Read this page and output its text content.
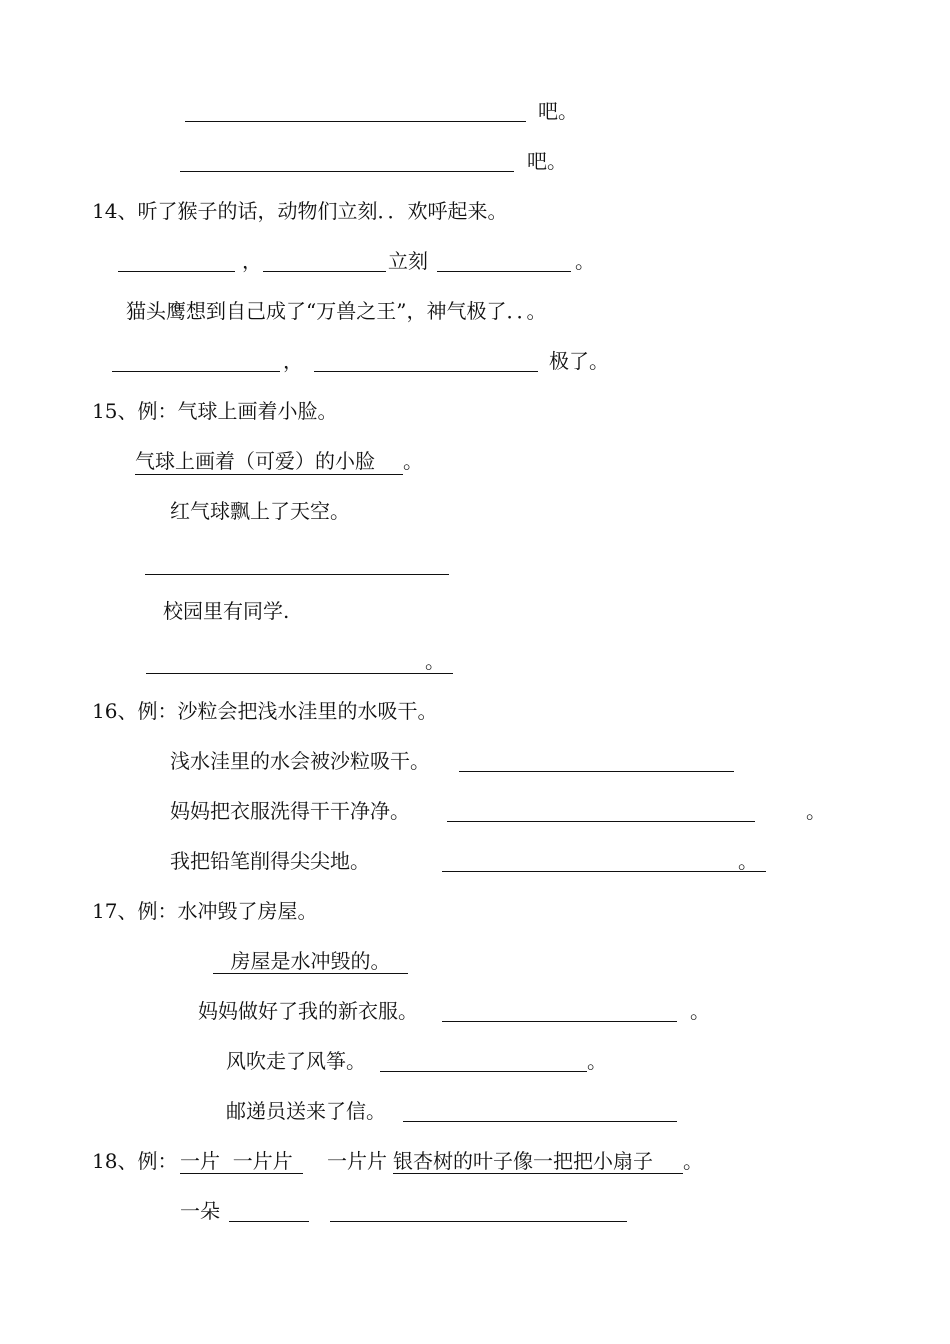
吧。
吧。
14、听了猴子的话，动物们立刻．．欢呼起来。
，	立刻	。
猫头鹰想到自己成了“万兽之王”，神气极了．．。
，	极了。
15、例：气球上画着小脸。
气球上画着（可爱）的小脸	。
红气球飘上了天空。
校园里有同学.
。
16、例：沙粒会把浅水洼里的水吸干。
浅水洼里的水会被沙粒吸干。
妈妈把衣服洗得干干净净。	。
我把铅笔削得尖尖地。	。
17、例：水冲毁了房屋。
房屋是水冲毁的。
妈妈做好了我的新衣服。	。
风吹走了风筝。	。
邮递员送来了信。
18、例： 一片  一片片	一片片 银杏树的叶子像一把把小扇子	。
一朵
